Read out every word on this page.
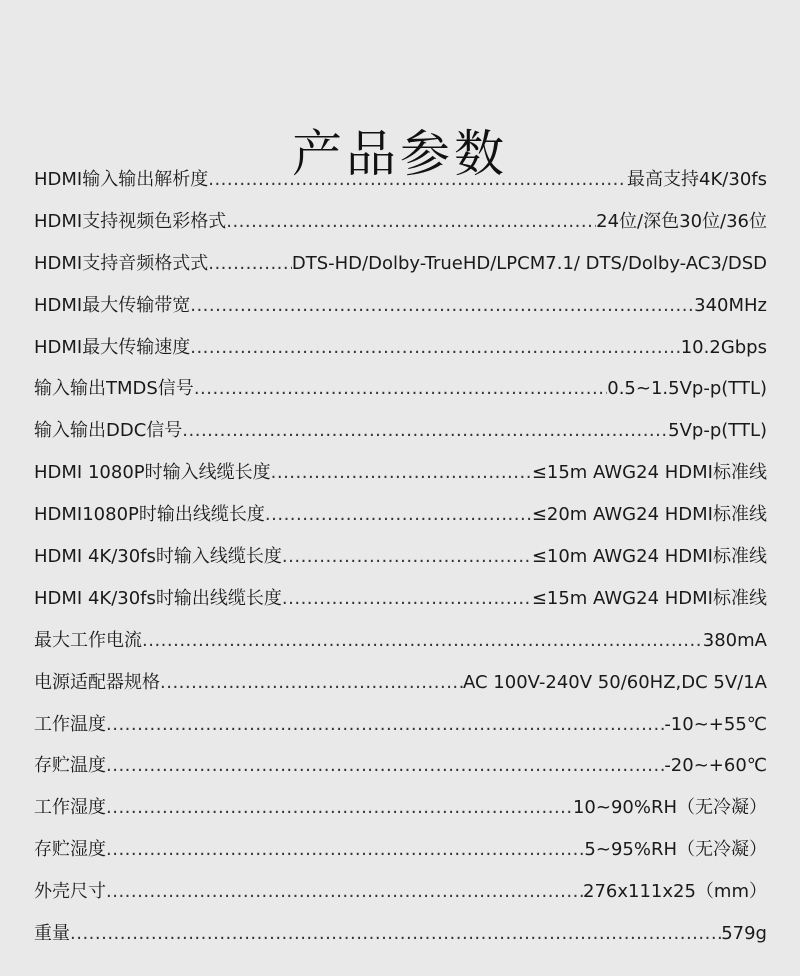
产品参数
HDMI输入输出解析度 .....	最高支持4K/30fs
HDMI支持视频色彩格式 .....	24位/深色30位/36位
HDMI支持音频格式式 .....	DTS-HD/Dolby-TrueHD/LPCM7.1/ DTS/Dolby-AC3/DSD
HDMI最大传输带宽 .....	340MHz
HDMI最大传输速度 .....	10.2Gbps
输入输出TMDS信号 .....	0.5~1.5Vp-p(TTL)
输入输出DDC信号 .....	5Vp-p(TTL)
HDMI 1080P时输入线缆长度 .....	≤15m AWG24 HDMI标准线
HDMI1080P时输出线缆长度 .....	≤20m AWG24 HDMI标准线
HDMI 4K/30fs时输入线缆长度 .....	≤10m AWG24 HDMI标准线
HDMI 4K/30fs时输出线缆长度 .....	≤15m AWG24 HDMI标准线
最大工作电流 .....	380mA
电源适配器规格 .....	AC 100V-240V 50/60HZ,DC 5V/1A
工作温度 .....	-10~+55℃
存贮温度 .....	-20~+60℃
工作湿度 .....	10~90%RH（无冷凝）
存贮湿度 .....	5~95%RH（无冷凝）
外壳尺寸 .....	276x111x25（mm）
重量 .....	579g
